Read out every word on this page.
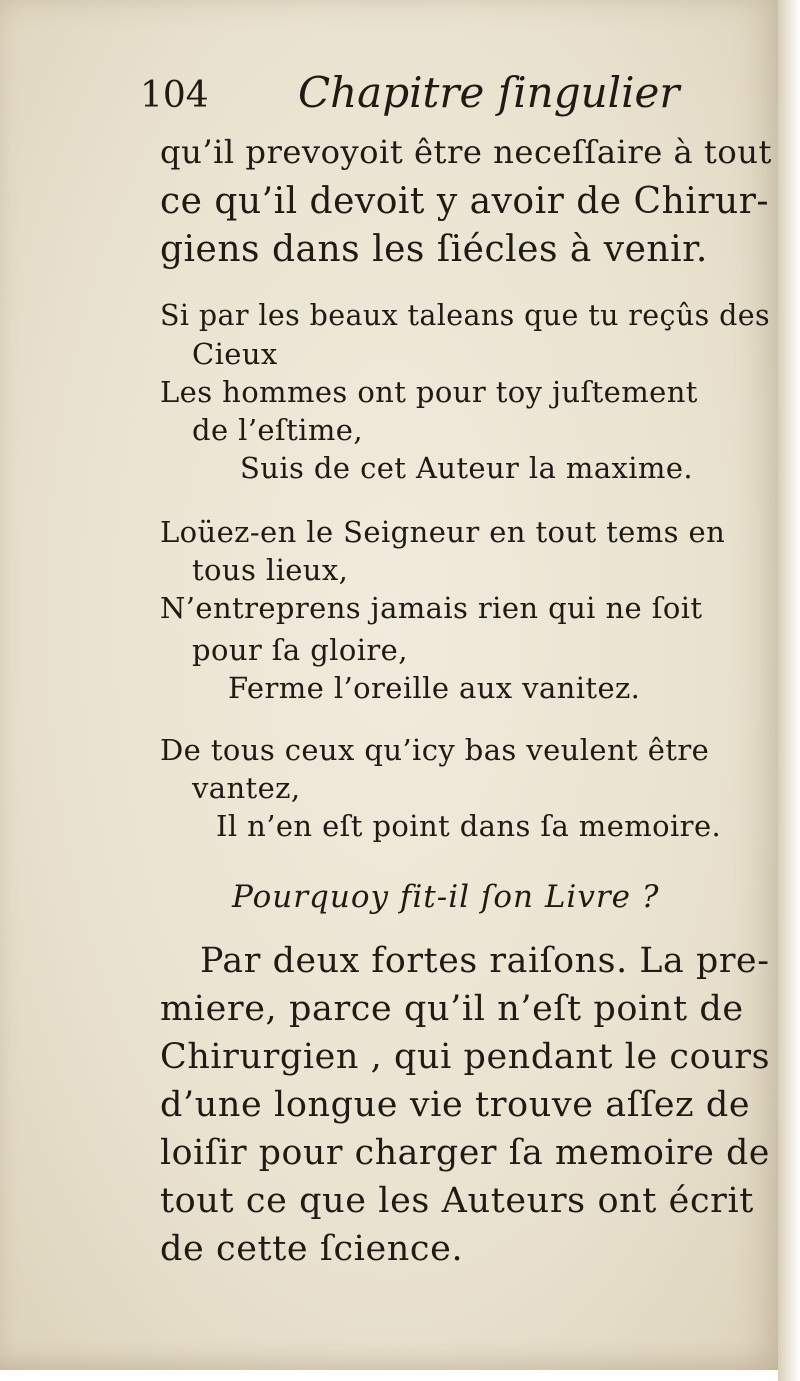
104 Chapitre ſingulier
qu’il prevoyoit être neceſſaire à tout
ce qu’il devoit y avoir de Chirur-
giens dans les ſiécles à venir.
Si par les beaux taleans que tu reçûs des
Cieux
Les hommes ont pour toy juſtement
de l’eſtime,
Suis de cet Auteur la maxime.
Loüez-en le Seigneur en tout tems en
tous lieux,
N’entreprens jamais rien qui ne ſoit
pour ſa gloire,
Ferme l’oreille aux vanitez.
De tous ceux qu’icy bas veulent être
vantez,
Il n’en eſt point dans ſa memoire.
Pourquoy fit-il ſon Livre ?
Par deux fortes raiſons. La pre-
miere, parce qu’il n’eſt point de
Chirurgien , qui pendant le cours
d’une longue vie trouve aſſez de
loiſir pour charger ſa memoire de
tout ce que les Auteurs ont écrit
de cette ſcience.
